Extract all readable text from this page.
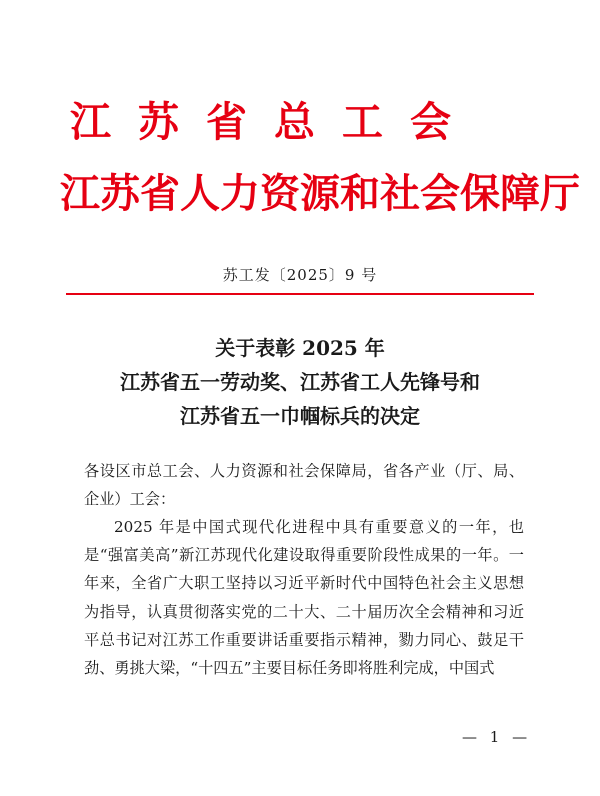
江苏省总工会
江苏省人力资源和社会保障厅
苏工发〔2025〕9 号
关于表彰 2025 年
江苏省五一劳动奖、江苏省工人先锋号和
江苏省五一巾帼标兵的决定
各设区市总工会、人力资源和社会保障局，省各产业（厅、局、企业）工会：
2025 年是中国式现代化进程中具有重要意义的一年，也是“强富美高”新江苏现代化建设取得重要阶段性成果的一年。一年来，全省广大职工坚持以习近平新时代中国特色社会主义思想为指导，认真贯彻落实党的二十大、二十届历次全会精神和习近平总书记对江苏工作重要讲话重要指示精神，勠力同心、鼓足干劲、勇挑大梁，“十四五”主要目标任务即将胜利完成，中国式
— 1 —
